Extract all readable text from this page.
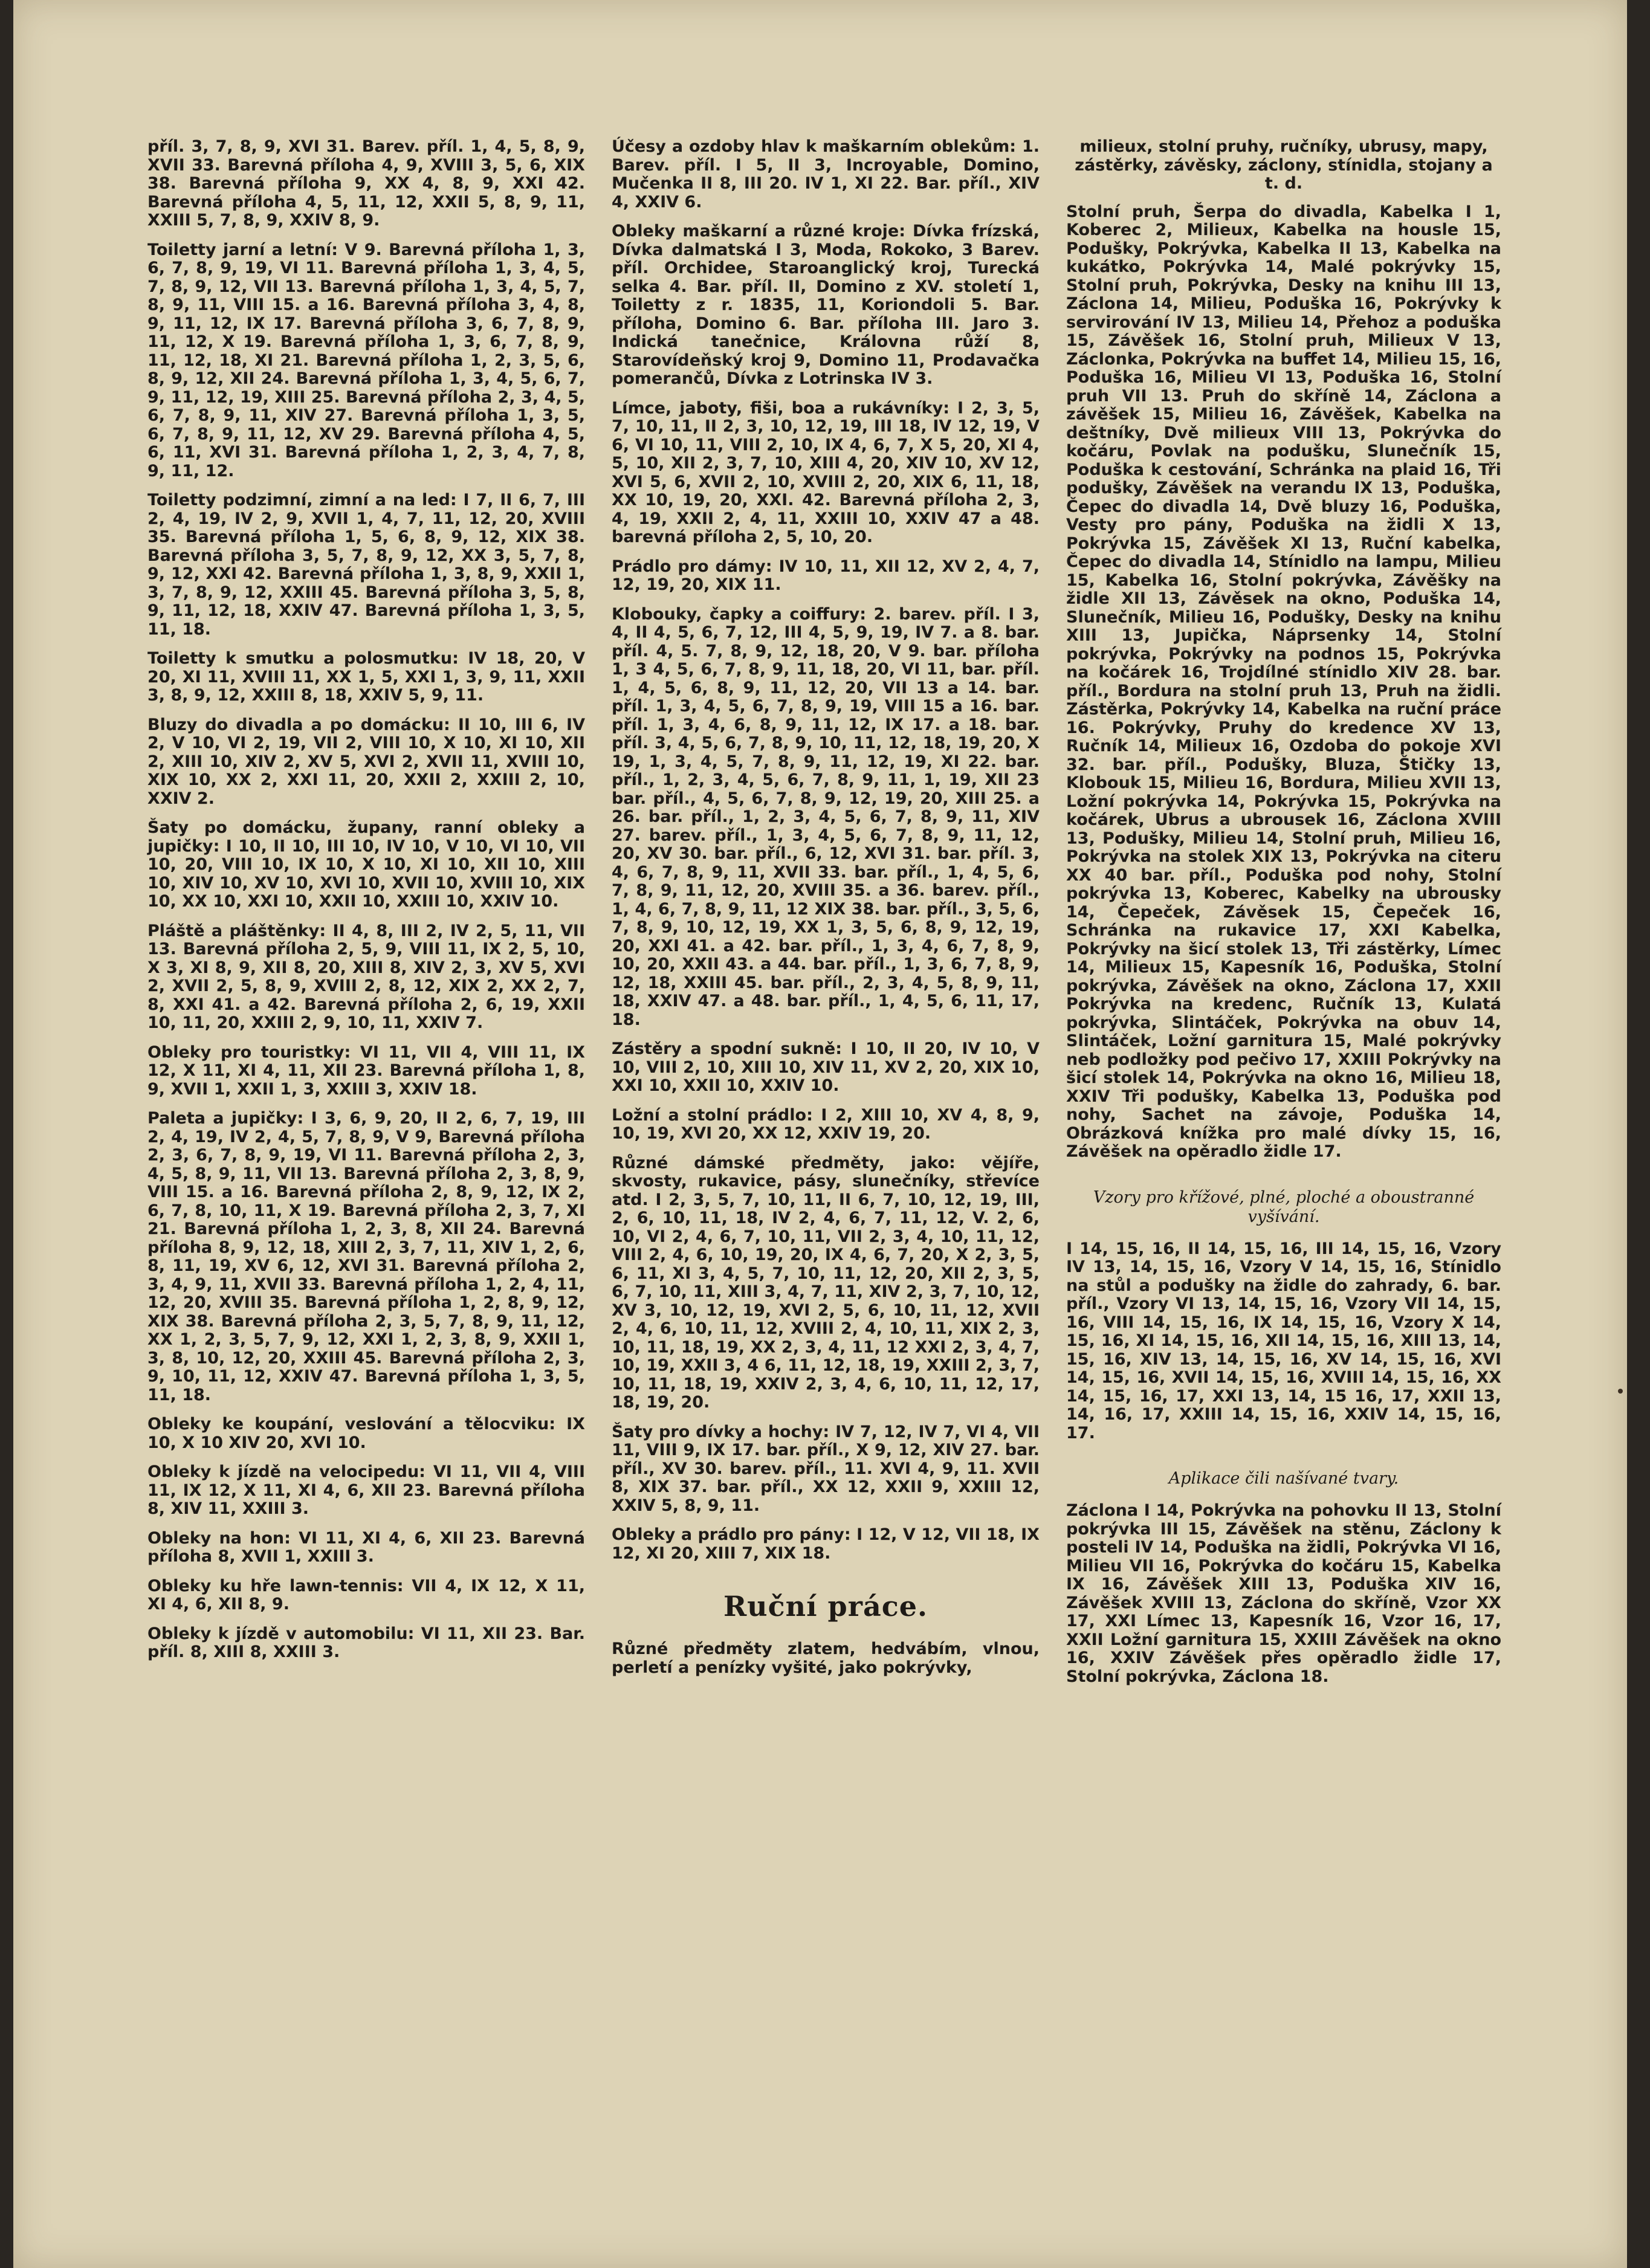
příl. 3, 7, 8, 9, XVI 31. Barev. příl. 1, 4, 5, 8, 9, XVII 33. Barevná příloha 4, 9, XVIII 3, 5, 6, XIX 38. Barevná příloha 9, XX 4, 8, 9, XXI 42. Barevná příloha 4, 5, 11, 12, XXII 5, 8, 9, 11, XXIII 5, 7, 8, 9, XXIV 8, 9.
Toiletty jarní a letní: V 9. Barevná příloha 1, 3, 6, 7, 8, 9, 19, VI 11. Barevná příloha 1, 3, 4, 5, 7, 8, 9, 12, VII 13. Barevná příloha 1, 3, 4, 5, 7, 8, 9, 11, VIII 15. a 16. Barevná příloha 3, 4, 8, 9, 11, 12, IX 17. Barevná příloha 3, 6, 7, 8, 9, 11, 12, X 19. Barevná příloha 1, 3, 6, 7, 8, 9, 11, 12, 18, XI 21. Barevná příloha 1, 2, 3, 5, 6, 8, 9, 12, XII 24. Barevná příloha 1, 3, 4, 5, 6, 7, 9, 11, 12, 19, XIII 25. Barevná příloha 2, 3, 4, 5, 6, 7, 8, 9, 11, XIV 27. Barevná příloha 1, 3, 5, 6, 7, 8, 9, 11, 12, XV 29. Barevná příloha 4, 5, 6, 11, XVI 31. Barevná příloha 1, 2, 3, 4, 7, 8, 9, 11, 12.
Toiletty podzimní, zimní a na led: I 7, II 6, 7, III 2, 4, 19, IV 2, 9, XVII 1, 4, 7, 11, 12, 20, XVIII 35. Barevná příloha 1, 5, 6, 8, 9, 12, XIX 38. Barevná příloha 3, 5, 7, 8, 9, 12, XX 3, 5, 7, 8, 9, 12, XXI 42. Barevná příloha 1, 3, 8, 9, XXII 1, 3, 7, 8, 9, 12, XXIII 45. Barevná příloha 3, 5, 8, 9, 11, 12, 18, XXIV 47. Barevná příloha 1, 3, 5, 11, 18.
Toiletty k smutku a polosmutku: IV 18, 20, V 20, XI 11, XVIII 11, XX 1, 5, XXI 1, 3, 9, 11, XXII 3, 8, 9, 12, XXIII 8, 18, XXIV 5, 9, 11.
Bluzy do divadla a po domácku: II 10, III 6, IV 2, V 10, VI 2, 19, VII 2, VIII 10, X 10, XI 10, XII 2, XIII 10, XIV 2, XV 5, XVI 2, XVII 11, XVIII 10, XIX 10, XX 2, XXI 11, 20, XXII 2, XXIII 2, 10, XXIV 2.
Šaty po domácku, župany, ranní obleky a jupičky: I 10, II 10, III 10, IV 10, V 10, VI 10, VII 10, 20, VIII 10, IX 10, X 10, XI 10, XII 10, XIII 10, XIV 10, XV 10, XVI 10, XVII 10, XVIII 10, XIX 10, XX 10, XXI 10, XXII 10, XXIII 10, XXIV 10.
Pláště a pláštěnky: II 4, 8, III 2, IV 2, 5, 11, VII 13. Barevná příloha 2, 5, 9, VIII 11, IX 2, 5, 10, X 3, XI 8, 9, XII 8, 20, XIII 8, XIV 2, 3, XV 5, XVI 2, XVII 2, 5, 8, 9, XVIII 2, 8, 12, XIX 2, XX 2, 7, 8, XXI 41. a 42. Barevná příloha 2, 6, 19, XXII 10, 11, 20, XXIII 2, 9, 10, 11, XXIV 7.
Obleky pro touristky: VI 11, VII 4, VIII 11, IX 12, X 11, XI 4, 11, XII 23. Barevná příloha 1, 8, 9, XVII 1, XXII 1, 3, XXIII 3, XXIV 18.
Paleta a jupičky: I 3, 6, 9, 20, II 2, 6, 7, 19, III 2, 4, 19, IV 2, 4, 5, 7, 8, 9, V 9, Barevná příloha 2, 3, 6, 7, 8, 9, 19, VI 11. Barevná příloha 2, 3, 4, 5, 8, 9, 11, VII 13. Barevná příloha 2, 3, 8, 9, VIII 15. a 16. Barevná příloha 2, 8, 9, 12, IX 2, 6, 7, 8, 10, 11, X 19. Barevná příloha 2, 3, 7, XI 21. Barevná příloha 1, 2, 3, 8, XII 24. Barevná příloha 8, 9, 12, 18, XIII 2, 3, 7, 11, XIV 1, 2, 6, 8, 11, 19, XV 6, 12, XVI 31. Barevná příloha 2, 3, 4, 9, 11, XVII 33. Barevná příloha 1, 2, 4, 11, 12, 20, XVIII 35. Barevná příloha 1, 2, 8, 9, 12, XIX 38. Barevná příloha 2, 3, 5, 7, 8, 9, 11, 12, XX 1, 2, 3, 5, 7, 9, 12, XXI 1, 2, 3, 8, 9, XXII 1, 3, 8, 10, 12, 20, XXIII 45. Barevná příloha 2, 3, 9, 10, 11, 12, XXIV 47. Barevná příloha 1, 3, 5, 11, 18.
Obleky ke koupání, veslování a tělocviku: IX 10, X 10 XIV 20, XVI 10.
Obleky k jízdě na velocipedu: VI 11, VII 4, VIII 11, IX 12, X 11, XI 4, 6, XII 23. Barevná příloha 8, XIV 11, XXIII 3.
Obleky na hon: VI 11, XI 4, 6, XII 23. Barevná příloha 8, XVII 1, XXIII 3.
Obleky ku hře lawn-tennis: VII 4, IX 12, X 11, XI 4, 6, XII 8, 9.
Obleky k jízdě v automobilu: VI 11, XII 23. Bar. příl. 8, XIII 8, XXIII 3.
Účesy a ozdoby hlav k maškarním oblekům: 1. Barev. příl. I 5, II 3, Incroyable, Domino, Mučenka II 8, III 20. IV 1, XI 22. Bar. příl., XIV 4, XXIV 6.
Obleky maškarní a různé kroje: Dívka frízská, Dívka dalmatská I 3, Moda, Rokoko, 3 Barev. příl. Orchidee, Staroanglický kroj, Turecká selka 4. Bar. příl. II, Domino z XV. století 1, Toiletty z r. 1835, 11, Koriondoli 5. Bar. příloha, Domino 6. Bar. příloha III. Jaro 3. Indická tanečnice, Královna růží 8, Starovídeňský kroj 9, Domino 11, Prodavačka pomerančů, Dívka z Lotrinska IV 3.
Límce, jaboty, fiši, boa a rukávníky: I 2, 3, 5, 7, 10, 11, II 2, 3, 10, 12, 19, III 18, IV 12, 19, V 6, VI 10, 11, VIII 2, 10, IX 4, 6, 7, X 5, 20, XI 4, 5, 10, XII 2, 3, 7, 10, XIII 4, 20, XIV 10, XV 12, XVI 5, 6, XVII 2, 10, XVIII 2, 20, XIX 6, 11, 18, XX 10, 19, 20, XXI. 42. Barevná příloha 2, 3, 4, 19, XXII 2, 4, 11, XXIII 10, XXIV 47 a 48. barevná příloha 2, 5, 10, 20.
Prádlo pro dámy: IV 10, 11, XII 12, XV 2, 4, 7, 12, 19, 20, XIX 11.
Klobouky, čapky a coiffury: 2. barev. příl. I 3, 4, II 4, 5, 6, 7, 12, III 4, 5, 9, 19, IV 7. a 8. bar. příl. 4, 5. 7, 8, 9, 12, 18, 20, V 9. bar. příloha 1, 3 4, 5, 6, 7, 8, 9, 11, 18, 20, VI 11, bar. příl. 1, 4, 5, 6, 8, 9, 11, 12, 20, VII 13 a 14. bar. příl. 1, 3, 4, 5, 6, 7, 8, 9, 19, VIII 15 a 16. bar. příl. 1, 3, 4, 6, 8, 9, 11, 12, IX 17. a 18. bar. příl. 3, 4, 5, 6, 7, 8, 9, 10, 11, 12, 18, 19, 20, X 19, 1, 3, 4, 5, 7, 8, 9, 11, 12, 19, XI 22. bar. příl., 1, 2, 3, 4, 5, 6, 7, 8, 9, 11, 1, 19, XII 23 bar. příl., 4, 5, 6, 7, 8, 9, 12, 19, 20, XIII 25. a 26. bar. příl., 1, 2, 3, 4, 5, 6, 7, 8, 9, 11, XIV 27. barev. příl., 1, 3, 4, 5, 6, 7, 8, 9, 11, 12, 20, XV 30. bar. příl., 6, 12, XVI 31. bar. příl. 3, 4, 6, 7, 8, 9, 11, XVII 33. bar. příl., 1, 4, 5, 6, 7, 8, 9, 11, 12, 20, XVIII 35. a 36. barev. příl., 1, 4, 6, 7, 8, 9, 11, 12 XIX 38. bar. příl., 3, 5, 6, 7, 8, 9, 10, 12, 19, XX 1, 3, 5, 6, 8, 9, 12, 19, 20, XXI 41. a 42. bar. příl., 1, 3, 4, 6, 7, 8, 9, 10, 20, XXII 43. a 44. bar. příl., 1, 3, 6, 7, 8, 9, 12, 18, XXIII 45. bar. příl., 2, 3, 4, 5, 8, 9, 11, 18, XXIV 47. a 48. bar. příl., 1, 4, 5, 6, 11, 17, 18.
Zástěry a spodní sukně: I 10, II 20, IV 10, V 10, VIII 2, 10, XIII 10, XIV 11, XV 2, 20, XIX 10, XXI 10, XXII 10, XXIV 10.
Ložní a stolní prádlo: I 2, XIII 10, XV 4, 8, 9, 10, 19, XVI 20, XX 12, XXIV 19, 20.
Různé dámské předměty, jako: vějíře, skvosty, rukavice, pásy, slunečníky, střevíce atd. I 2, 3, 5, 7, 10, 11, II 6, 7, 10, 12, 19, III, 2, 6, 10, 11, 18, IV 2, 4, 6, 7, 11, 12, V. 2, 6, 10, VI 2, 4, 6, 7, 10, 11, VII 2, 3, 4, 10, 11, 12, VIII 2, 4, 6, 10, 19, 20, IX 4, 6, 7, 20, X 2, 3, 5, 6, 11, XI 3, 4, 5, 7, 10, 11, 12, 20, XII 2, 3, 5, 6, 7, 10, 11, XIII 3, 4, 7, 11, XIV 2, 3, 7, 10, 12, XV 3, 10, 12, 19, XVI 2, 5, 6, 10, 11, 12, XVII 2, 4, 6, 10, 11, 12, XVIII 2, 4, 10, 11, XIX 2, 3, 10, 11, 18, 19, XX 2, 3, 4, 11, 12 XXI 2, 3, 4, 7, 10, 19, XXII 3, 4 6, 11, 12, 18, 19, XXIII 2, 3, 7, 10, 11, 18, 19, XXIV 2, 3, 4, 6, 10, 11, 12, 17, 18, 19, 20.
Šaty pro dívky a hochy: IV 7, 12, IV 7, VI 4, VII 11, VIII 9, IX 17. bar. příl., X 9, 12, XIV 27. bar. příl., XV 30. barev. příl., 11. XVI 4, 9, 11. XVII 8, XIX 37. bar. příl., XX 12, XXII 9, XXIII 12, XXIV 5, 8, 9, 11.
Obleky a prádlo pro pány: I 12, V 12, VII 18, IX 12, XI 20, XIII 7, XIX 18.
Ruční práce.
Různé předměty zlatem, hedvábím, vlnou, perletí a penízky vyšité, jako pokrývky,
milieux, stolní pruhy, ručníky, ubrusy, mapy, zástěrky, závěsky, záclony, stínidla, stojany a t. d.
Stolní pruh, Šerpa do divadla, Kabelka I 1, Koberec 2, Milieux, Kabelka na housle 15, Podušky, Pokrývka, Kabelka II 13, Kabelka na kukátko, Pokrývka 14, Malé pokrývky 15, Stolní pruh, Pokrývka, Desky na knihu III 13, Záclona 14, Milieu, Poduška 16, Pokrývky k servirování IV 13, Milieu 14, Přehoz a poduška 15, Závěšek 16, Stolní pruh, Milieux V 13, Záclonka, Pokrývka na buffet 14, Milieu 15, 16, Poduška 16, Milieu VI 13, Poduška 16, Stolní pruh VII 13. Pruh do skříně 14, Záclona a závěšek 15, Milieu 16, Závěšek, Kabelka na deštníky, Dvě milieux VIII 13, Pokrývka do kočáru, Povlak na podušku, Slunečník 15, Poduška k cestování, Schránka na plaid 16, Tři podušky, Závěšek na verandu IX 13, Poduška, Čepec do divadla 14, Dvě bluzy 16, Poduška, Vesty pro pány, Poduška na židli X 13, Pokrývka 15, Závěšek XI 13, Ruční kabelka, Čepec do divadla 14, Stínidlo na lampu, Milieu 15, Kabelka 16, Stolní pokrývka, Závěšky na židle XII 13, Závěsek na okno, Poduška 14, Slunečník, Milieu 16, Podušky, Desky na knihu XIII 13, Jupička, Náprsenky 14, Stolní pokrývka, Pokrývky na podnos 15, Pokrývka na kočárek 16, Trojdílné stínidlo XIV 28. bar. příl., Bordura na stolní pruh 13, Pruh na židli. Zástěrka, Pokrývky 14, Kabelka na ruční práce 16. Pokrývky, Pruhy do kredence XV 13, Ručník 14, Milieux 16, Ozdoba do pokoje XVI 32. bar. příl., Podušky, Bluza, Štičky 13, Klobouk 15, Milieu 16, Bordura, Milieu XVII 13, Ložní pokrývka 14, Pokrývka 15, Pokrývka na kočárek, Ubrus a ubrousek 16, Záclona XVIII 13, Podušky, Milieu 14, Stolní pruh, Milieu 16, Pokrývka na stolek XIX 13, Pokrývka na citeru XX 40 bar. příl., Poduška pod nohy, Stolní pokrývka 13, Koberec, Kabelky na ubrousky 14, Čepeček, Závěsek 15, Čepeček 16, Schránka na rukavice 17, XXI Kabelka, Pokrývky na šicí stolek 13, Tři zástěrky, Límec 14, Milieux 15, Kapesník 16, Poduška, Stolní pokrývka, Závěšek na okno, Záclona 17, XXII Pokrývka na kredenc, Ručník 13, Kulatá pokrývka, Slintáček, Pokrývka na obuv 14, Slintáček, Ložní garnitura 15, Malé pokrývky neb podložky pod pečivo 17, XXIII Pokrývky na šicí stolek 14, Pokrývka na okno 16, Milieu 18, XXIV Tři podušky, Kabelka 13, Poduška pod nohy, Sachet na závoje, Poduška 14, Obrázková knížka pro malé dívky 15, 16, Závěšek na opěradlo židle 17.
Vzory pro křížové, plné, ploché a oboustranné vyšívání.
I 14, 15, 16, II 14, 15, 16, III 14, 15, 16, Vzory IV 13, 14, 15, 16, Vzory V 14, 15, 16, Stínidlo na stůl a podušky na židle do zahrady, 6. bar. příl., Vzory VI 13, 14, 15, 16, Vzory VII 14, 15, 16, VIII 14, 15, 16, IX 14, 15, 16, Vzory X 14, 15, 16, XI 14, 15, 16, XII 14, 15, 16, XIII 13, 14, 15, 16, XIV 13, 14, 15, 16, XV 14, 15, 16, XVI 14, 15, 16, XVII 14, 15, 16, XVIII 14, 15, 16, XX 14, 15, 16, 17, XXI 13, 14, 15 16, 17, XXII 13, 14, 16, 17, XXIII 14, 15, 16, XXIV 14, 15, 16, 17.
Aplikace čili našívané tvary.
Záclona I 14, Pokrývka na pohovku II 13, Stolní pokrývka III 15, Závěšek na stěnu, Záclony k posteli IV 14, Poduška na židli, Pokrývka VI 16, Milieu VII 16, Pokrývka do kočáru 15, Kabelka IX 16, Závěšek XIII 13, Poduška XIV 16, Závěšek XVIII 13, Záclona do skříně, Vzor XX 17, XXI Límec 13, Kapesník 16, Vzor 16, 17, XXII Ložní garnitura 15, XXIII Závěšek na okno 16, XXIV Závěšek přes opěradlo židle 17, Stolní pokrývka, Záclona 18.
